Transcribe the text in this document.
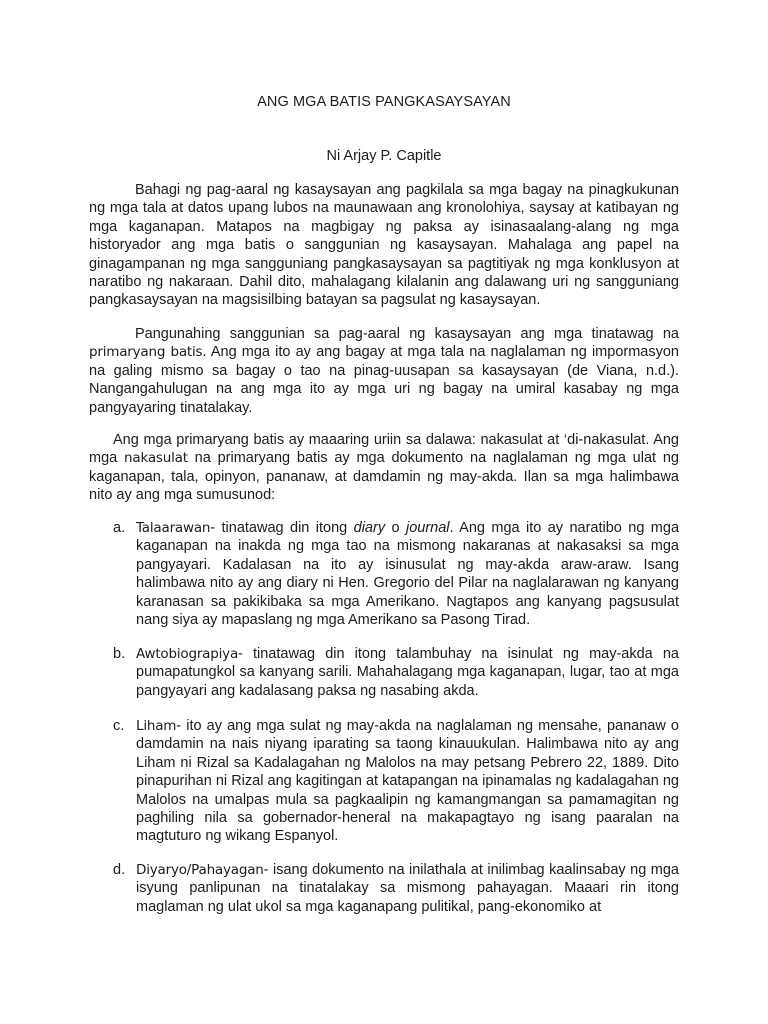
ANG MGA BATIS PANGKASAYSAYAN
Ni Arjay P. Capitle

Bahagi ng pag-aaral ng kasaysayan ang pagkilala sa mga bagay na pinagkukunan ng mga tala at datos upang lubos na maunawaan ang kronolohiya, saysay at katibayan ng mga kaganapan. Matapos na magbigay ng paksa ay isinasaalang-alang ng mga historyador ang mga batis o sanggunian ng kasaysayan. Mahalaga ang papel na ginagampanan ng mga sangguniang pangkasaysayan sa pagtitiyak ng mga konklusyon at naratibo ng nakaraan. Dahil dito, mahalagang kilalanin ang dalawang uri ng sangguniang pangkasaysayan na magsisilbing batayan sa pagsulat ng kasaysayan.

Pangunahing sanggunian sa pag-aaral ng kasaysayan ang mga tinatawag na primaryang batis. Ang mga ito ay ang bagay at mga tala na naglalaman ng impormasyon na galing mismo sa bagay o tao na pinag-uusapan sa kasaysayan (de Viana, n.d.). Nangangahulugan na ang mga ito ay mga uri ng bagay na umiral kasabay ng mga pangyayaring tinatalakay.

Ang mga primaryang batis ay maaaring uriin sa dalawa: nakasulat at ‘di-nakasulat. Ang mga nakasulat na primaryang batis ay mga dokumento na naglalaman ng mga ulat ng kaganapan, tala, opinyon, pananaw, at damdamin ng may-akda. Ilan sa mga halimbawa nito ay ang mga sumusunod:

a. Talaarawan- tinatawag din itong diary o journal. Ang mga ito ay naratibo ng mga kaganapan na inakda ng mga tao na mismong nakaranas at nakasaksi sa mga pangyayari. Kadalasan na ito ay isinusulat ng may-akda araw-araw. Isang halimbawa nito ay ang diary ni Hen. Gregorio del Pilar na naglalarawan ng kanyang karanasan sa pakikibaka sa mga Amerikano. Nagtapos ang kanyang pagsusulat nang siya ay mapaslang ng mga Amerikano sa Pasong Tirad.

b. Awtobiograpiya- tinatawag din itong talambuhay na isinulat ng may-akda na pumapatungkol sa kanyang sarili. Mahahalagang mga kaganapan, lugar, tao at mga pangyayari ang kadalasang paksa ng nasabing akda.

c. Liham- ito ay ang mga sulat ng may-akda na naglalaman ng mensahe, pananaw o damdamin na nais niyang iparating sa taong kinauukulan. Halimbawa nito ay ang Liham ni Rizal sa Kadalagahan ng Malolos na may petsang Pebrero 22, 1889. Dito pinapurihan ni Rizal ang kagitingan at katapangan na ipinamalas ng kadalagahan ng Malolos na umalpas mula sa pagkaalipin ng kamangmangan sa pamamagitan ng paghiling nila sa gobernador-heneral na makapagtayo ng isang paaralan na magtuturo ng wikang Espanyol.

d. Diyaryo/Pahayagan- isang dokumento na inilathala at inilimbag kaalinsabay ng mga isyung panlipunan na tinatalakay sa mismong pahayagan. Maaari rin itong maglaman ng ulat ukol sa mga kaganapang pulitikal, pang-ekonomiko at
